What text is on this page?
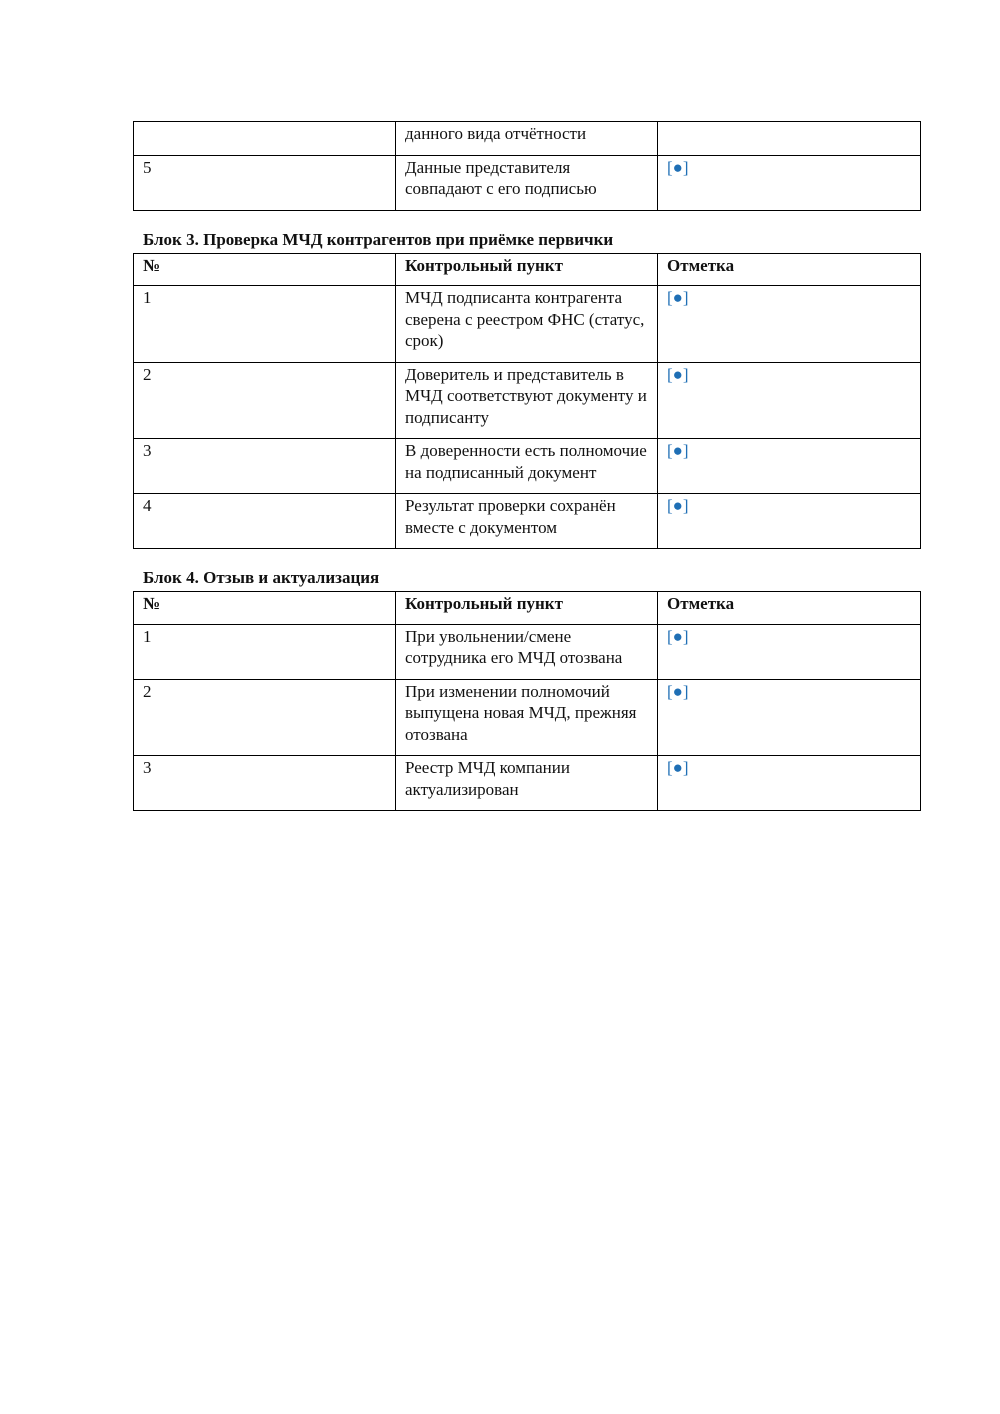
	данного вида отчётности	
5	Данные представителя совпадают с его подписью	[●]
Блок 3. Проверка МЧД контрагентов при приёмке первички
№	Контрольный пункт	Отметка
1	МЧД подписанта контрагента сверена с реестром ФНС (статус, срок)	[●]
2	Доверитель и представитель в МЧД соответствуют документу и подписанту	[●]
3	В доверенности есть полномочие на подписанный документ	[●]
4	Результат проверки сохранён вместе с документом	[●]
Блок 4. Отзыв и актуализация
№	Контрольный пункт	Отметка
1	При увольнении/смене сотрудника его МЧД отозвана	[●]
2	При изменении полномочий выпущена новая МЧД, прежняя отозвана	[●]
3	Реестр МЧД компании актуализирован	[●]
